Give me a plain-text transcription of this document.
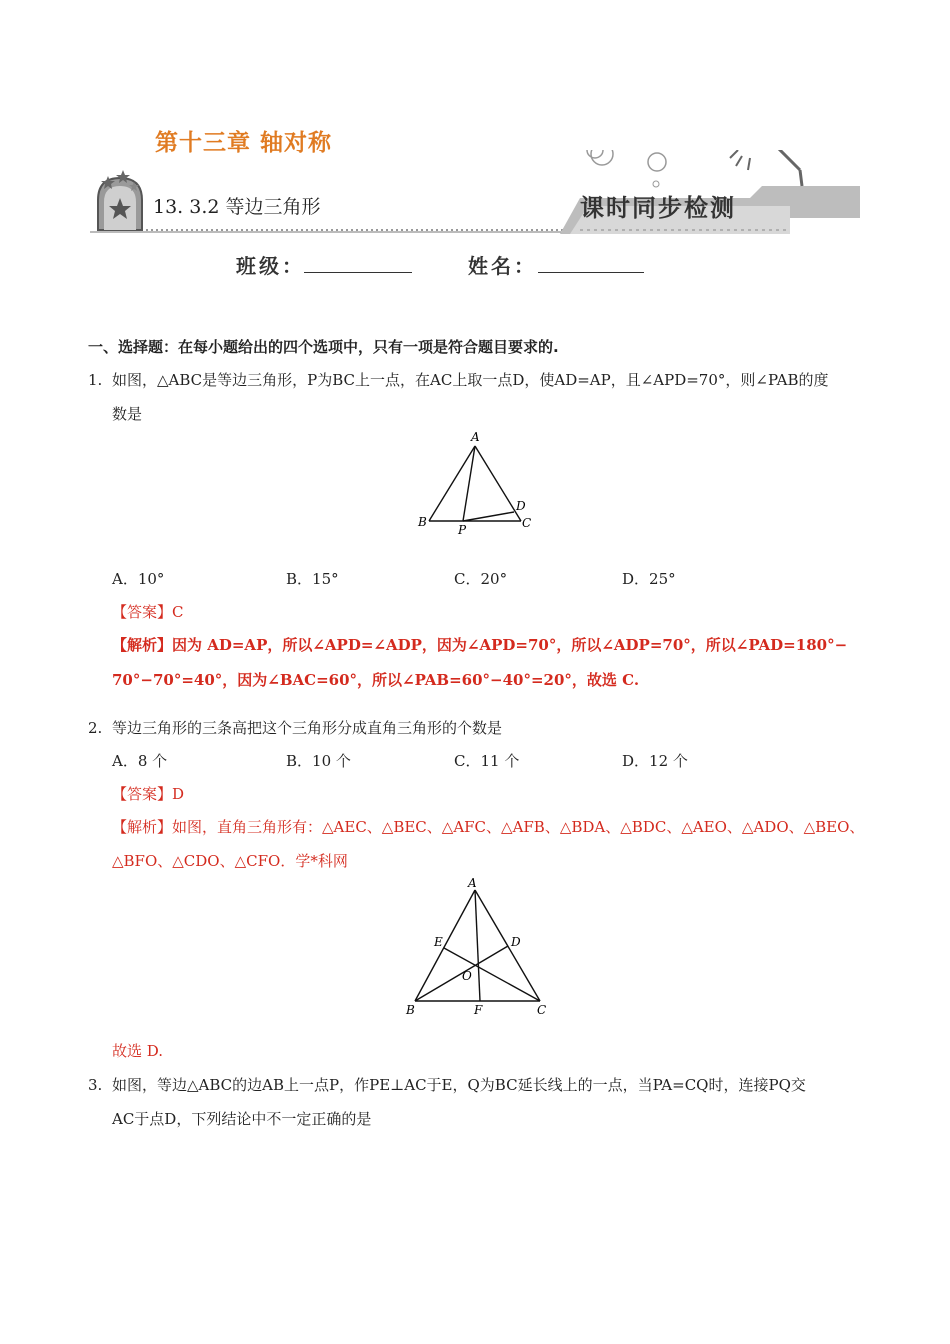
第十三章 轴对称
13. 3.2 等边三角形	课时同步检测
班级：	姓名：
一、选择题：在每小题给出的四个选项中，只有一项是符合题目要求的.
1. 如图，△ABC是等边三角形，P为BC上一点，在AC上取一点D，使AD=AP，且∠APD=70°，则∠PAB的度
数是
A
B	C
D
P
A．10°	B．15°	C．20°	D．25°
【答案】C
【解析】因为 AD=AP，所以∠APD=∠ADP，因为∠APD=70°，所以∠ADP=70°，所以∠PAD=180°−
70°−70°=40°，因为∠BAC=60°，所以∠PAB=60°−40°=20°，故选 C.
2. 等边三角形的三条高把这个三角形分成直角三角形的个数是
A．8 个	B．10 个	C．11 个	D．12 个
【答案】D
【解析】如图，直角三角形有：△AEC、△BEC、△AFC、△AFB、△BDA、△BDC、△AEO、△ADO、△BEO、
△BFO、△CDO、△CFO．学*科网
A
B	C
D
E
F
O
故选 D.
3. 如图，等边△ABC的边AB上一点P，作PE⊥AC于E，Q为BC延长线上的一点，当PA=CQ时，连接PQ交
AC于点D，下列结论中不一定正确的是
